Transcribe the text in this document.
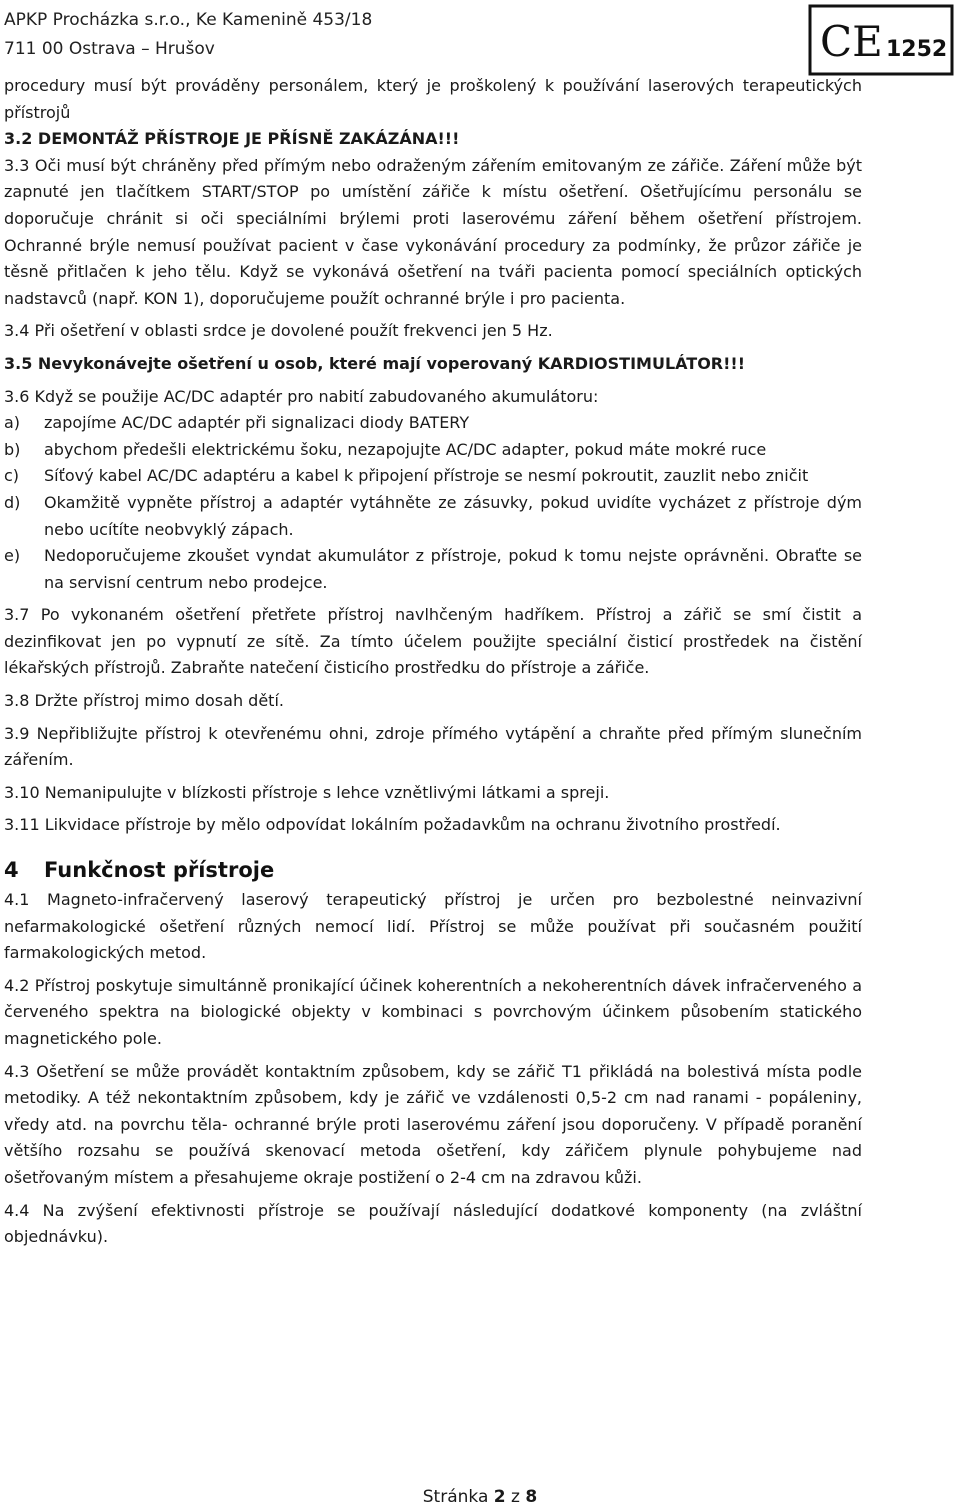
APKP Procházka s.r.o., Ke Kamenině 453/18
711 00 Ostrava – Hrušov	CE 1252

procedury musí být prováděny personálem, který je proškolený k používání laserových terapeutických přístrojů

3.2 DEMONTÁŽ PŘÍSTROJE JE PŘÍSNĚ ZAKÁZÁNA!!!

3.3 Oči musí být chráněny před přímým nebo odraženým zářením emitovaným ze zářiče. Záření může být zapnuté jen tlačítkem START/STOP po umístění zářiče k místu ošetření. Ošetřujícímu personálu se doporučuje chránit si oči speciálními brýlemi proti laserovému záření během ošetření přístrojem. Ochranné brýle nemusí používat pacient v čase vykonávání procedury za podmínky, že průzor zářiče je těsně přitlačen k jeho tělu. Když se vykonává ošetření na tváři pacienta pomocí speciálních optických nadstavců (např. KON 1), doporučujeme použít ochranné brýle i pro pacienta.

3.4 Při ošetření v oblasti srdce je dovolené použít frekvenci jen 5 Hz.

3.5 Nevykonávejte ošetření u osob, které mají voperovaný KARDIOSTIMULÁTOR!!!

3.6 Když se použije AC/DC adaptér pro nabití zabudovaného akumulátoru:

a) zapojíme AC/DC adaptér při signalizaci diody BATERY
b) abychom předešli elektrickému šoku, nezapojujte AC/DC adapter, pokud máte mokré ruce
c) Síťový kabel AC/DC adaptéru a kabel k připojení přístroje se nesmí pokroutit, zauzlit nebo zničit
d) Okamžitě vypněte přístroj a adaptér vytáhněte ze zásuvky, pokud uvidíte vycházet z přístroje dým nebo ucítíte neobvyklý zápach.
e) Nedoporučujeme zkoušet vyndat akumulátor z přístroje, pokud k tomu nejste oprávněni. Obraťte se na servisní centrum nebo prodejce.

3.7 Po vykonaném ošetření přetřete přístroj navlhčeným hadříkem. Přístroj a zářič se smí čistit a dezinfikovat jen po vypnutí ze sítě. Za tímto účelem použijte speciální čisticí prostředek na čistění lékařských přístrojů. Zabraňte natečení čisticího prostředku do přístroje a zářiče.

3.8 Držte přístroj mimo dosah dětí.

3.9 Nepřibližujte přístroj k otevřenému ohni, zdroje přímého vytápění a chraňte před přímým slunečním zářením.

3.10 Nemanipulujte v blízkosti přístroje s lehce vznětlivými látkami a spreji.

3.11 Likvidace přístroje by mělo odpovídat lokálním požadavkům na ochranu životního prostředí.

4 Funkčnost přístroje

4.1 Magneto-infračervený laserový terapeutický přístroj je určen pro bezbolestné neinvazivní nefarmakologické ošetření různých nemocí lidí. Přístroj se může používat při současném použití farmakologických metod.

4.2 Přístroj poskytuje simultánně pronikající účinek koherentních a nekoherentních dávek infračerveného a červeného spektra na biologické objekty v kombinaci s povrchovým účinkem působením statického magnetického pole.

4.3 Ošetření se může provádět kontaktním způsobem, kdy se zářič T1 přikládá na bolestivá místa podle metodiky. A též nekontaktním způsobem, kdy je zářič ve vzdálenosti 0,5-2 cm nad ranami - popáleniny, vředy atd. na povrchu těla- ochranné brýle proti laserovému záření jsou doporučeny. V případě poranění většího rozsahu se používá skenovací metoda ošetření, kdy zářičem plynule pohybujeme nad ošetřovaným místem a přesahujeme okraje postižení o 2-4 cm na zdravou kůži.

4.4 Na zvýšení efektivnosti přístroje se používají následující dodatkové komponenty (na zvláštní objednávku).

Stránka 2 z 8
